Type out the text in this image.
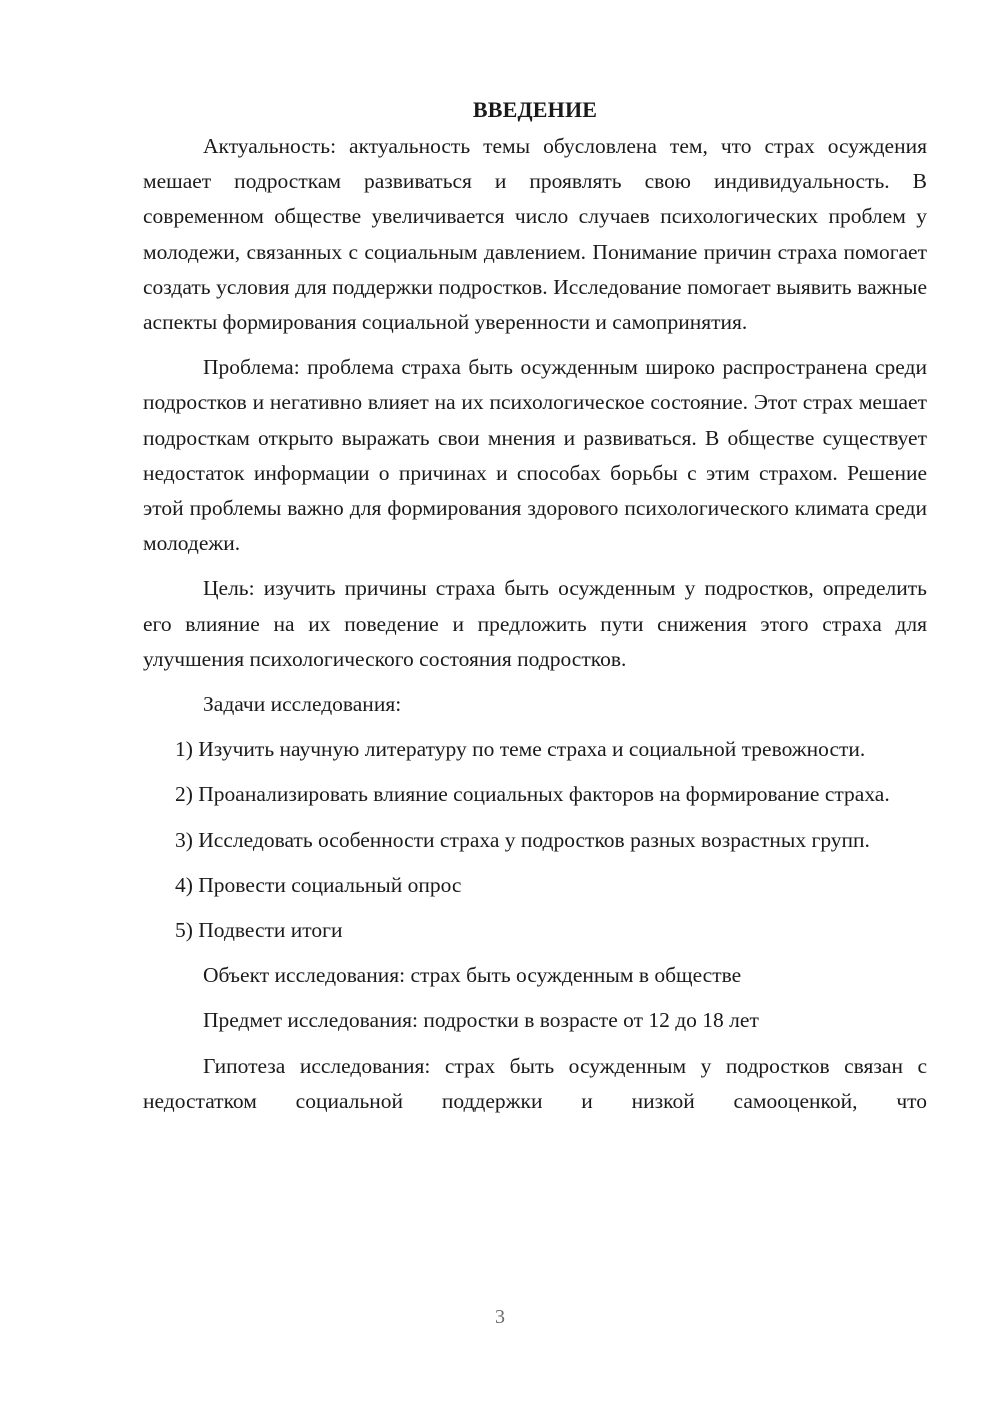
ВВЕДЕНИЕ

Актуальность: актуальность темы обусловлена тем, что страх осуждения мешает подросткам развиваться и проявлять свою индивидуальность. В современном обществе увеличивается число случаев психологических проблем у молодежи, связанных с социальным давлением. Понимание причин страха помогает создать условия для поддержки подростков. Исследование помогает выявить важные аспекты формирования социальной уверенности и самопринятия.

Проблема: проблема страха быть осужденным широко распространена среди подростков и негативно влияет на их психологическое состояние. Этот страх мешает подросткам открыто выражать свои мнения и развиваться. В обществе существует недостаток информации о причинах и способах борьбы с этим страхом. Решение этой проблемы важно для формирования здорового психологического климата среди молодежи.

Цель: изучить причины страха быть осужденным у подростков, определить его влияние на их поведение и предложить пути снижения этого страха для улучшения психологического состояния подростков.

Задачи исследования:

1) Изучить научную литературу по теме страха и социальной тревожности.

2) Проанализировать влияние социальных факторов на формирование страха.

3) Исследовать особенности страха у подростков разных возрастных групп.

4) Провести социальный опрос

5) Подвести итоги

Объект исследования: страх быть осужденным в обществе

Предмет исследования: подростки в возрасте от 12 до 18 лет

Гипотеза исследования: страх быть осужденным у подростков связан с недостатком социальной поддержки и низкой самооценкой, что

3
